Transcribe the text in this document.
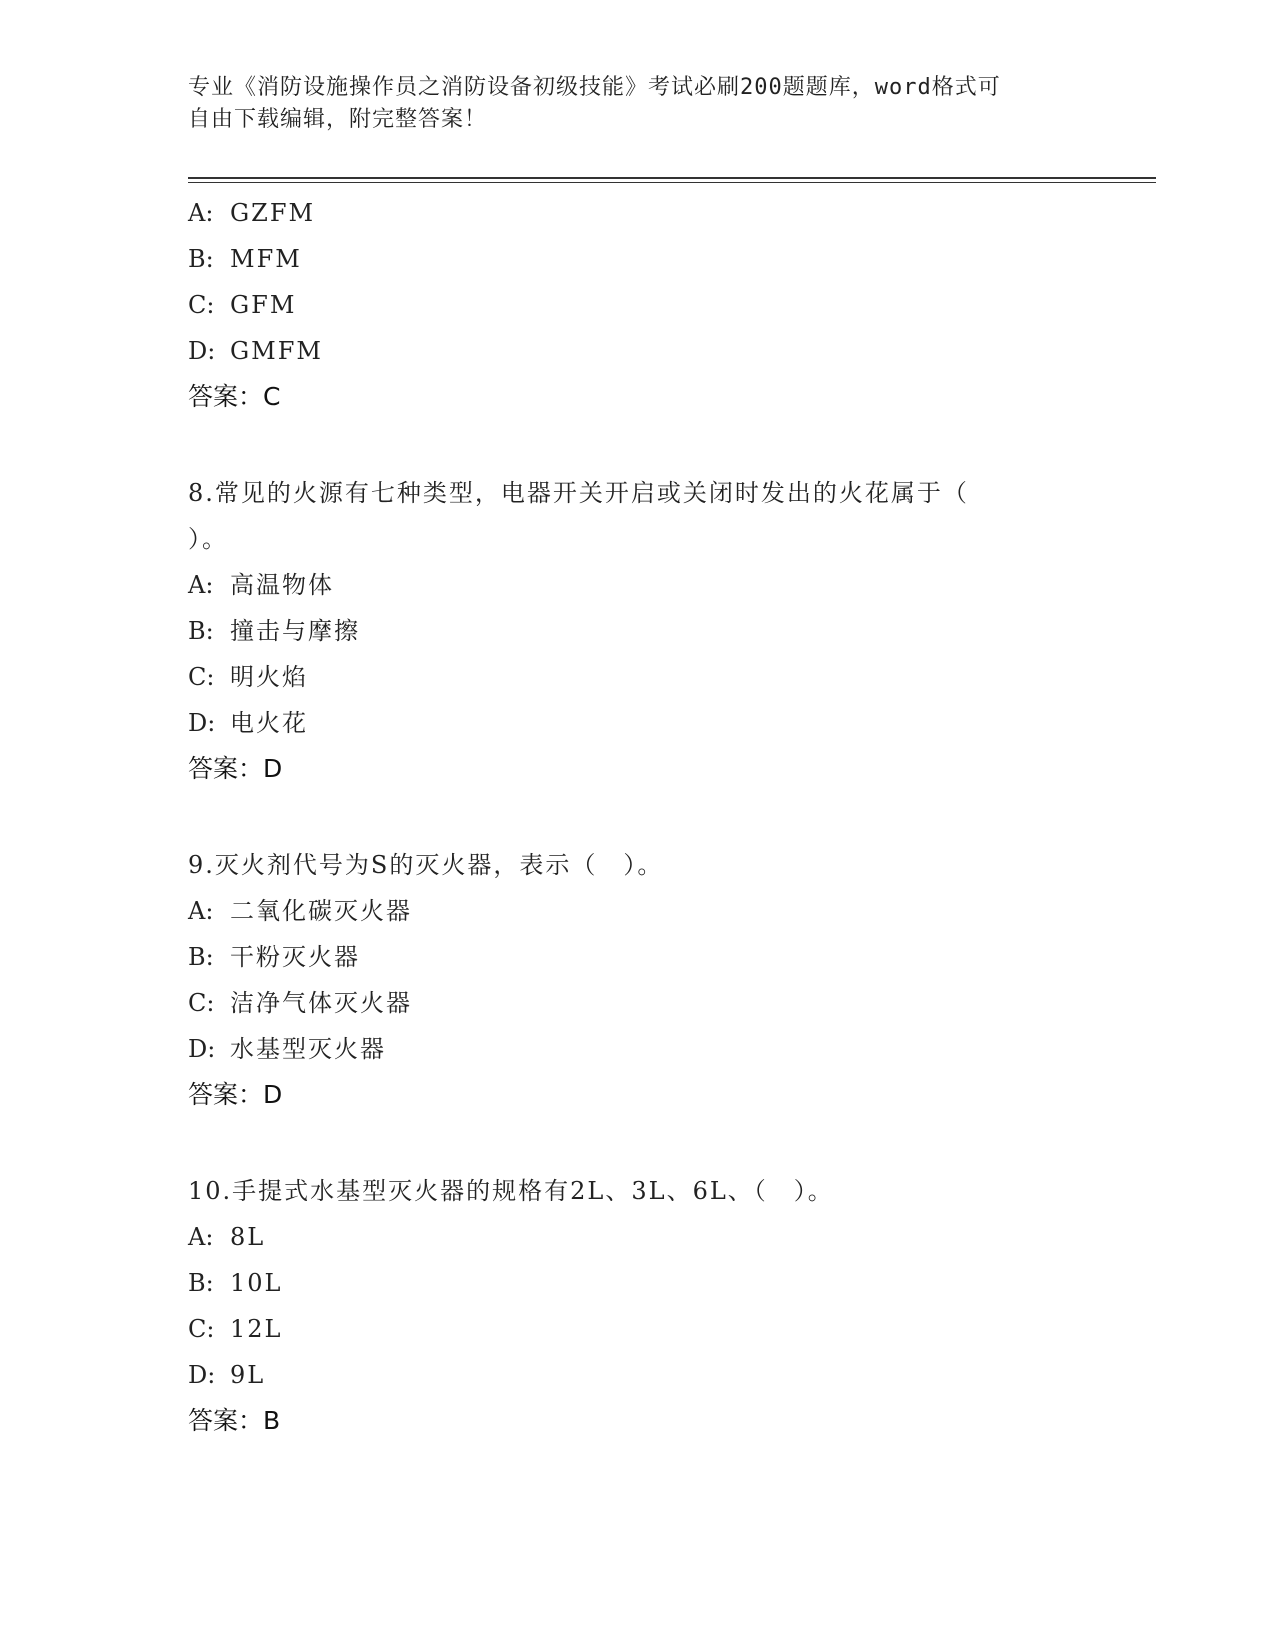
专业《消防设施操作员之消防设备初级技能》考试必刷200题题库，word格式可
自由下载编辑，附完整答案！
A: GZFM
B: MFM
C: GFM
D: GMFM
答案：C
8.常见的火源有七种类型，电器开关开启或关闭时发出的火花属于（
）。
A: 高温物体
B: 撞击与摩擦
C: 明火焰
D: 电火花
答案：D
9.灭火剂代号为S的灭火器，表示（　）。
A: 二氧化碳灭火器
B: 干粉灭火器
C: 洁净气体灭火器
D: 水基型灭火器
答案：D
10.手提式水基型灭火器的规格有2L、3L、6L、（　）。
A: 8L
B: 10L
C: 12L
D: 9L
答案：B
